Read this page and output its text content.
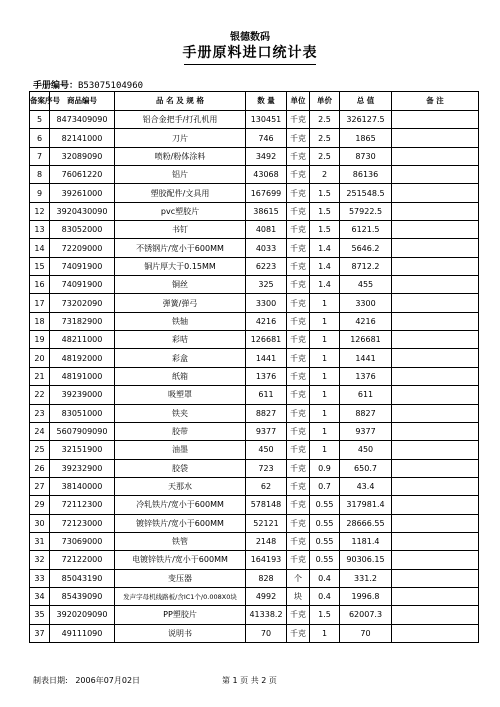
银德数码
手册原料进口统计表
手册编号：B53075104960
备案序号	商品编号	品 名 及 规 格	数 量	单位	单价	总 值	备 注
5	8473409090	铝合金把手/打孔机用	130451	千克	2.5	326127.5	
6	82141000	刀片	746	千克	2.5	1865	
7	32089090	喷粉/粉体涂料	3492	千克	2.5	8730	
8	76061220	铝片	43068	千克	2	86136	
9	39261000	塑胶配件/文具用	167699	千克	1.5	251548.5	
12	3920430090	pvc塑胶片	38615	千克	1.5	57922.5	
13	83052000	书钉	4081	千克	1.5	6121.5	
14	72209000	不锈钢片/宽小于600MM	4033	千克	1.4	5646.2	
15	74091900	铜片厚大于0.15MM	6223	千克	1.4	8712.2	
16	74091900	铜丝	325	千克	1.4	455	
17	73202090	弹簧/弹弓	3300	千克	1	3300	
18	73182900	铁轴	4216	千克	1	4216	
19	48211000	彩咭	126681	千克	1	126681	
20	48192000	彩盒	1441	千克	1	1441	
21	48191000	纸箱	1376	千克	1	1376	
22	39239000	吸塑罩	611	千克	1	611	
23	83051000	铁夹	8827	千克	1	8827	
24	5607909090	胶带	9377	千克	1	9377	
25	32151900	油墨	450	千克	1	450	
26	39232900	胶袋	723	千克	0.9	650.7	
27	38140000	天那水	62	千克	0.7	43.4	
29	72112300	冷轧铁片/宽小于600MM	578148	千克	0.55	317981.4	
30	72123000	镀锌铁片/宽小于600MM	52121	千克	0.55	28666.55	
31	73069000	铁管	2148	千克	0.55	1181.4	
32	72122000	电镀锌铁片/宽小于600MM	164193	千克	0.55	90306.15	
33	85043190	变压器	828	个	0.4	331.2	
34	85439090	发声字母机线路板/含IC1个/0.008X0块	4992	块	0.4	1996.8	
35	3920209090	PP塑胶片	41338.2	千克	1.5	62007.3	
37	49111090	说明书	70	千克	1	70	
制表日期: 2006年07月02日	第 1 页 共 2 页
